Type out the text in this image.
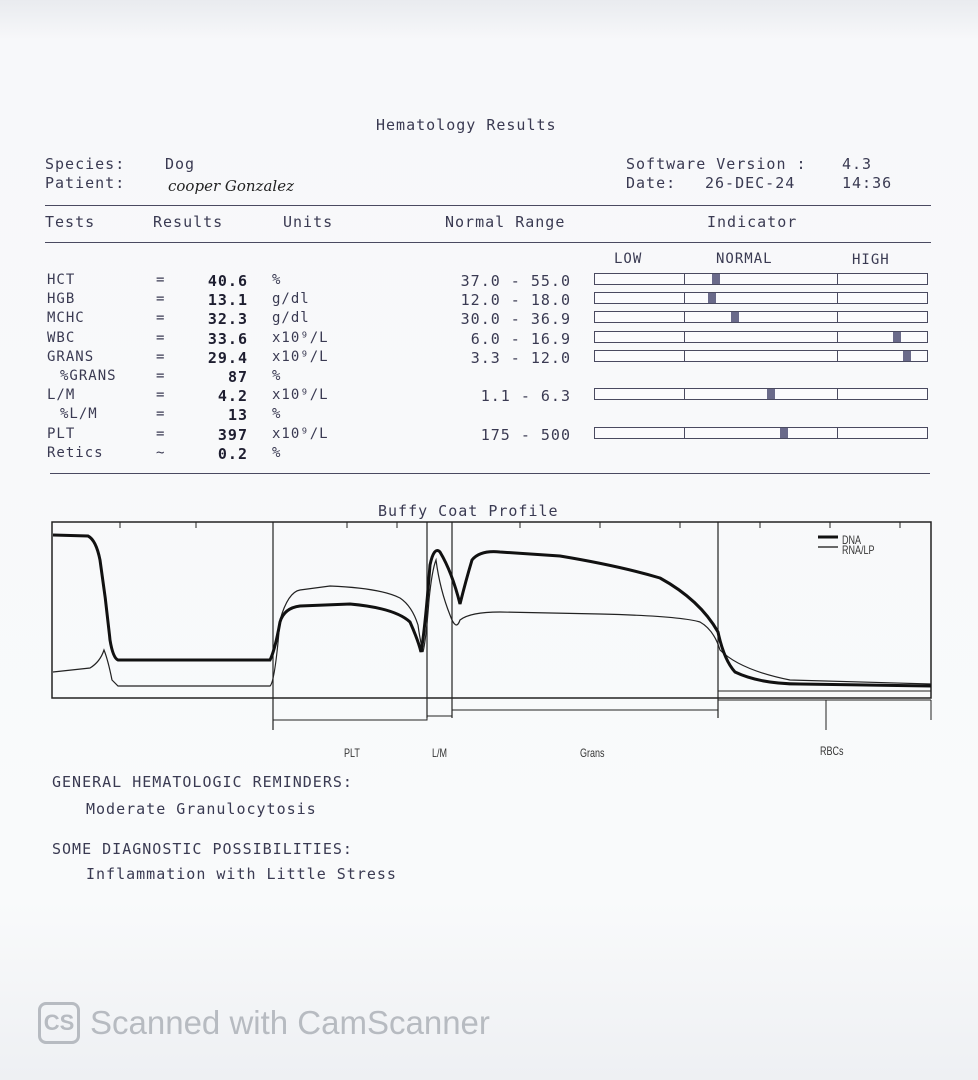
Hematology Results
Species:	Dog
Patient:	cooper Gonzalez
Software Version : 4.3
Date: 26-DEC-24	14:36
Tests	Results	Units	Normal Range	Indicator
LOW	NORMAL	HIGH
HCT	=	40.6 %	37.0 - 55.0
HGB	=	13.1 g/dl	12.0 - 18.0
MCHC	=	32.3 g/dl	30.0 - 36.9
WBC	=	33.6 x10⁹/L	6.0 - 16.9
GRANS	=	29.4 x10⁹/L	3.3 - 12.0
%GRANS	=	87 %
L/M	=	4.2 x10⁹/L	1.1 - 6.3
%L/M	=	13 %
PLT	=	397 x10⁹/L	175 - 500
Retics	~	0.2 %
Buffy Coat Profile
DNA
RNA/LP
PLT	L/M	Grans	RBCs
GENERAL HEMATOLOGIC REMINDERS:
Moderate Granulocytosis
SOME DIAGNOSTIC POSSIBILITIES:
Inflammation with Little Stress
CS Scanned with CamScanner
